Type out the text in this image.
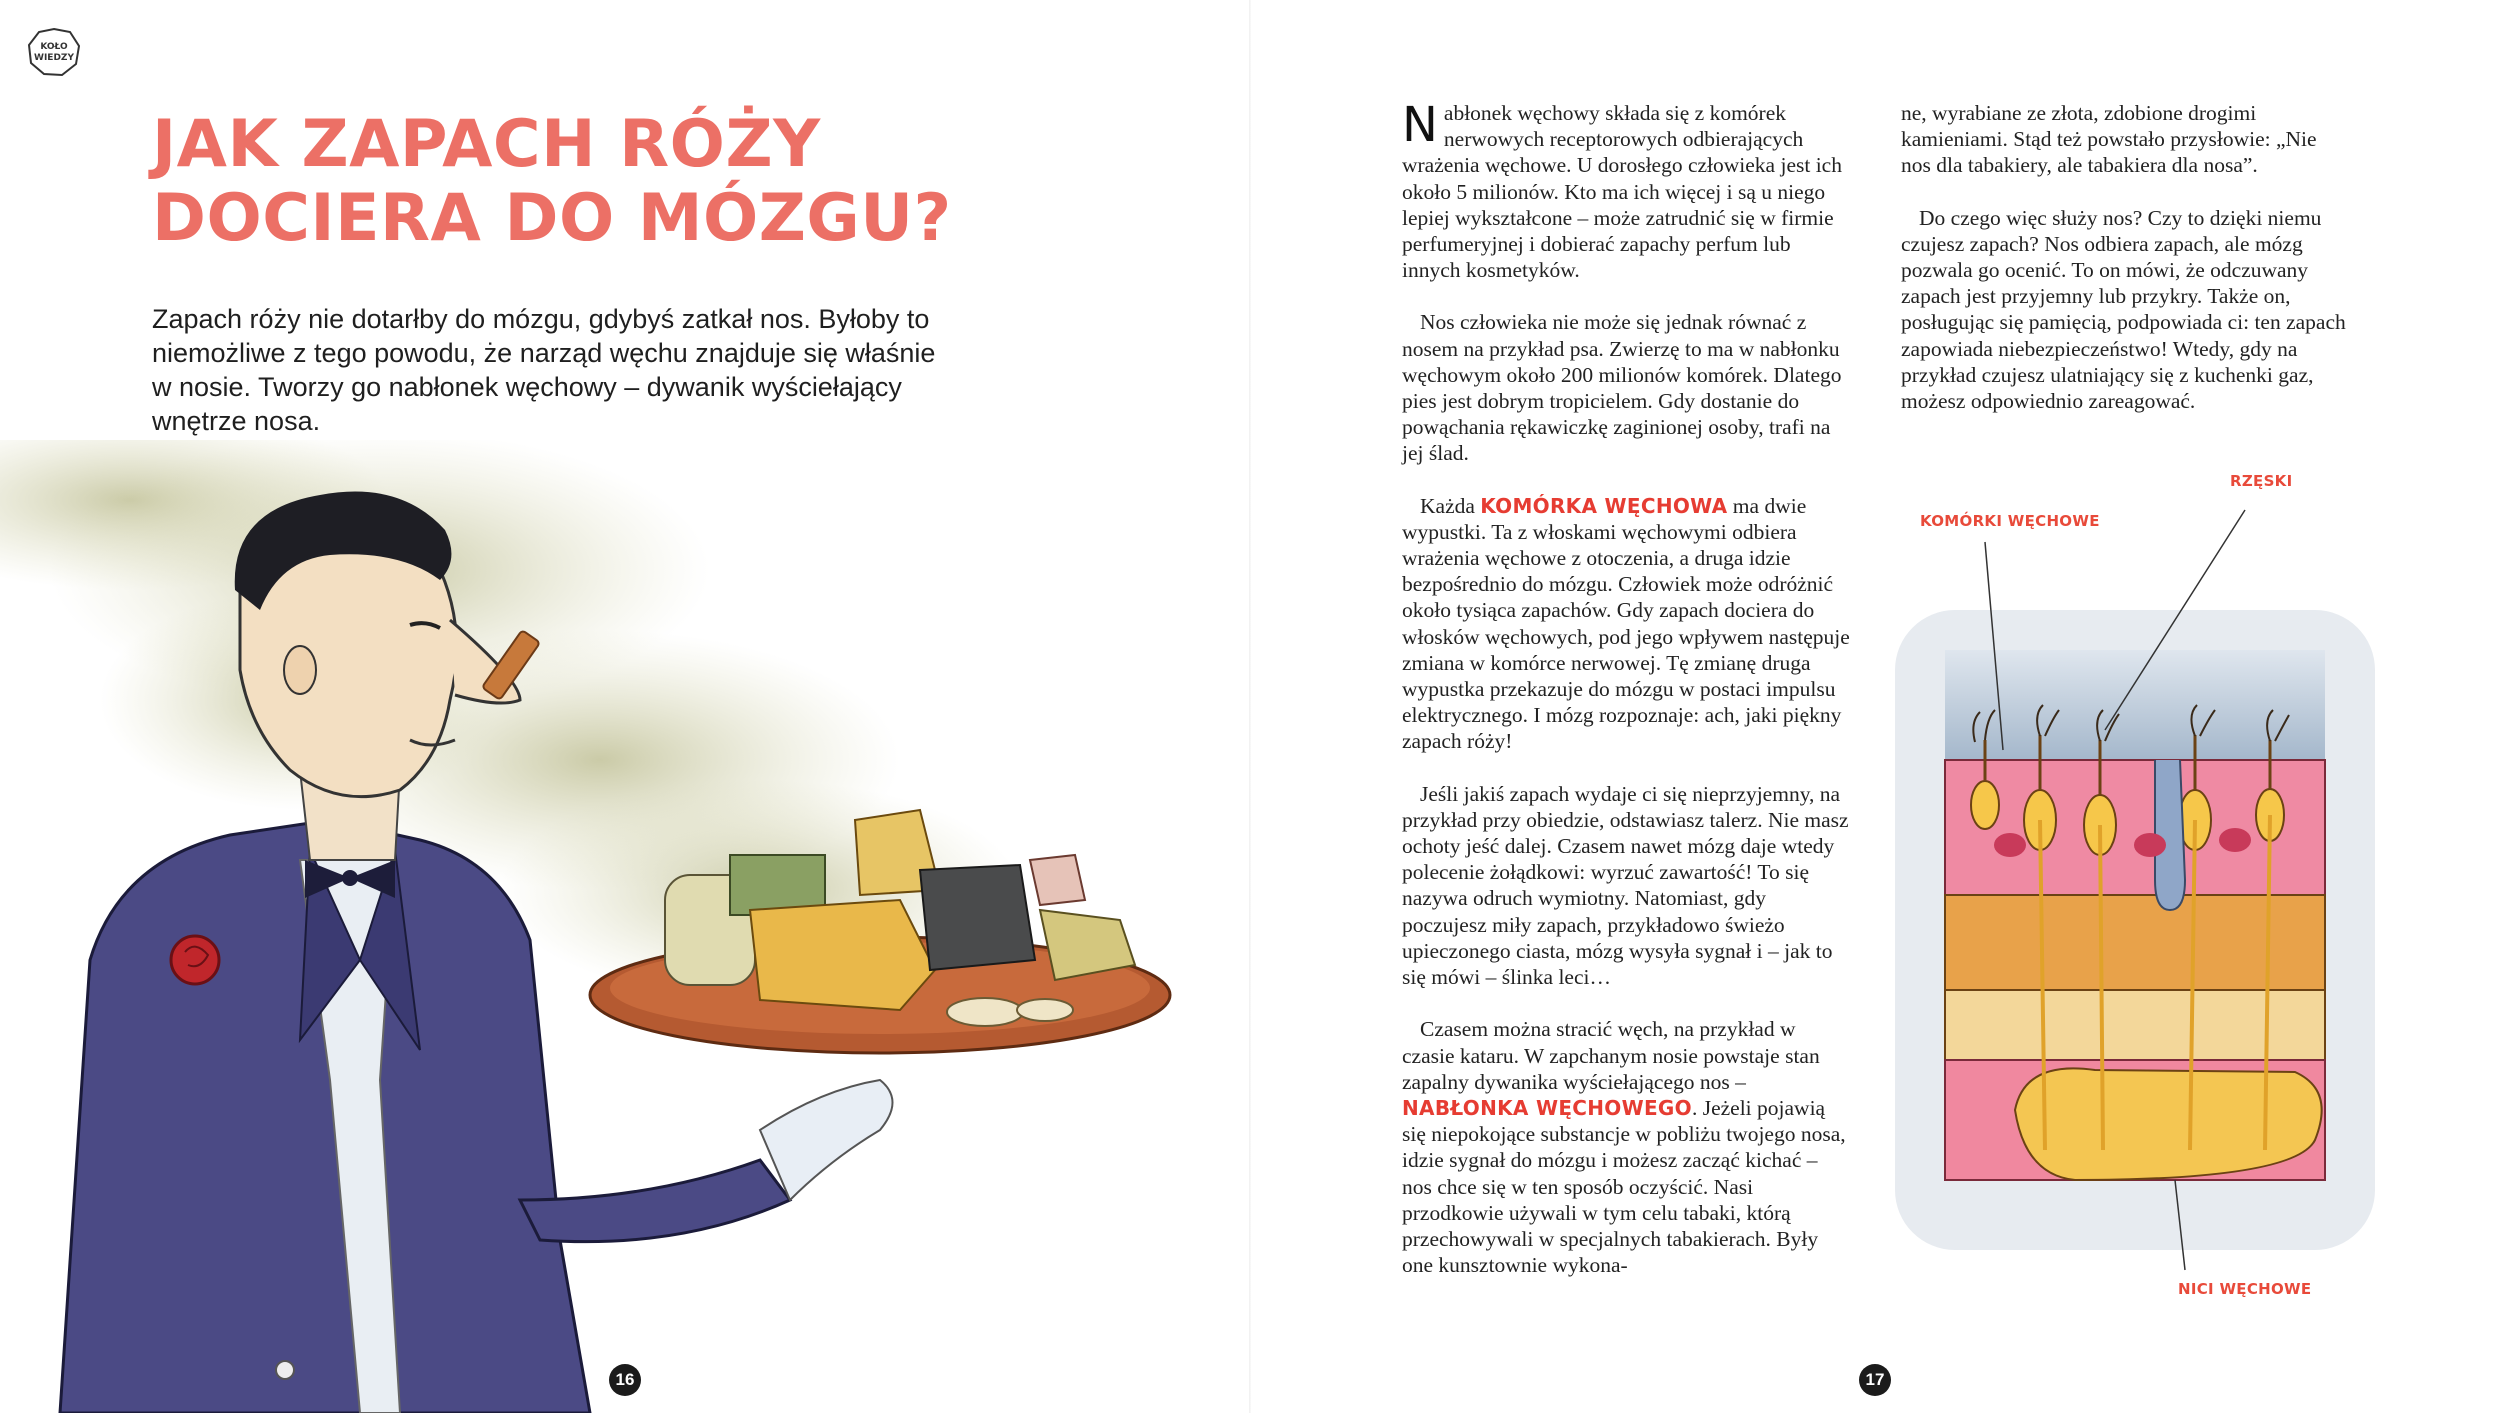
KOŁO
WIEDZY
JAK ZAPACH RÓŻY
DOCIERA DO MÓZGU?

Zapach róży nie dotarłby do mózgu, gdybyś zatkał nos. Byłoby to niemożliwe z tego powodu, że narząd węchu znajduje się właśnie w nosie. Tworzy go nabłonek węchowy – dywanik wyściełający wnętrze nosa.

16

Nabłonek węchowy składa się z komórek nerwowych receptorowych odbierających wrażenia węchowe. U dorosłego człowieka jest ich około 5 milionów. Kto ma ich więcej i są u niego lepiej wykształcone – może zatrudnić się w firmie perfumeryjnej i dobierać zapachy perfum lub innych kosmetyków.

Nos człowieka nie może się jednak równać z nosem na przykład psa. Zwierzę to ma w nabłonku węchowym około 200 milionów komórek. Dlatego pies jest dobrym tropicielem. Gdy dostanie do powąchania rękawiczkę zaginionej osoby, trafi na jej ślad.

Każda KOMÓRKA WĘCHOWA ma dwie wypustki. Ta z włoskami węchowymi odbiera wrażenia węchowe z otoczenia, a druga idzie bezpośrednio do mózgu. Człowiek może odróżnić około tysiąca zapachów. Gdy zapach dociera do włosków węchowych, pod jego wpływem następuje zmiana w komórce nerwowej. Tę zmianę druga wypustka przekazuje do mózgu w postaci impulsu elektrycznego. I mózg rozpoznaje: ach, jaki piękny zapach róży!

Jeśli jakiś zapach wydaje ci się nieprzyjemny, na przykład przy obiedzie, odstawiasz talerz. Nie masz ochoty jeść dalej. Czasem nawet mózg daje wtedy polecenie żołądkowi: wyrzuć zawartość! To się nazywa odruch wymiotny. Natomiast, gdy poczujesz miły zapach, przykładowo świeżo upieczonego ciasta, mózg wysyła sygnał i – jak to się mówi – ślinka leci…

Czasem można stracić węch, na przykład w czasie kataru. W zapchanym nosie powstaje stan zapalny dywanika wyściełającego nos – NABŁONKA WĘCHOWEGO. Jeżeli pojawią się niepokojące substancje w pobliżu twojego nosa, idzie sygnał do mózgu i możesz zacząć kichać – nos chce się w ten sposób oczyścić. Nasi przodkowie używali w tym celu tabaki, którą przechowywali w specjalnych tabakierach. Były one kunsztownie wykona-

ne, wyrabiane ze złota, zdobione drogimi kamieniami. Stąd też powstało przysłowie: „Nie nos dla tabakiery, ale tabakiera dla nosa”.

Do czego więc służy nos? Czy to dzięki niemu czujesz zapach? Nos odbiera zapach, ale mózg pozwala go ocenić. To on mówi, że odczuwany zapach jest przyjemny lub przykry. Także on, posługując się pamięcią, podpowiada ci: ten zapach zapowiada niebezpieczeństwo! Wtedy, gdy na przykład czujesz ulatniający się z kuchenki gaz, możesz odpowiednio zareagować.

KOMÓRKI WĘCHOWE
RZĘSKI
NICI WĘCHOWE
17
